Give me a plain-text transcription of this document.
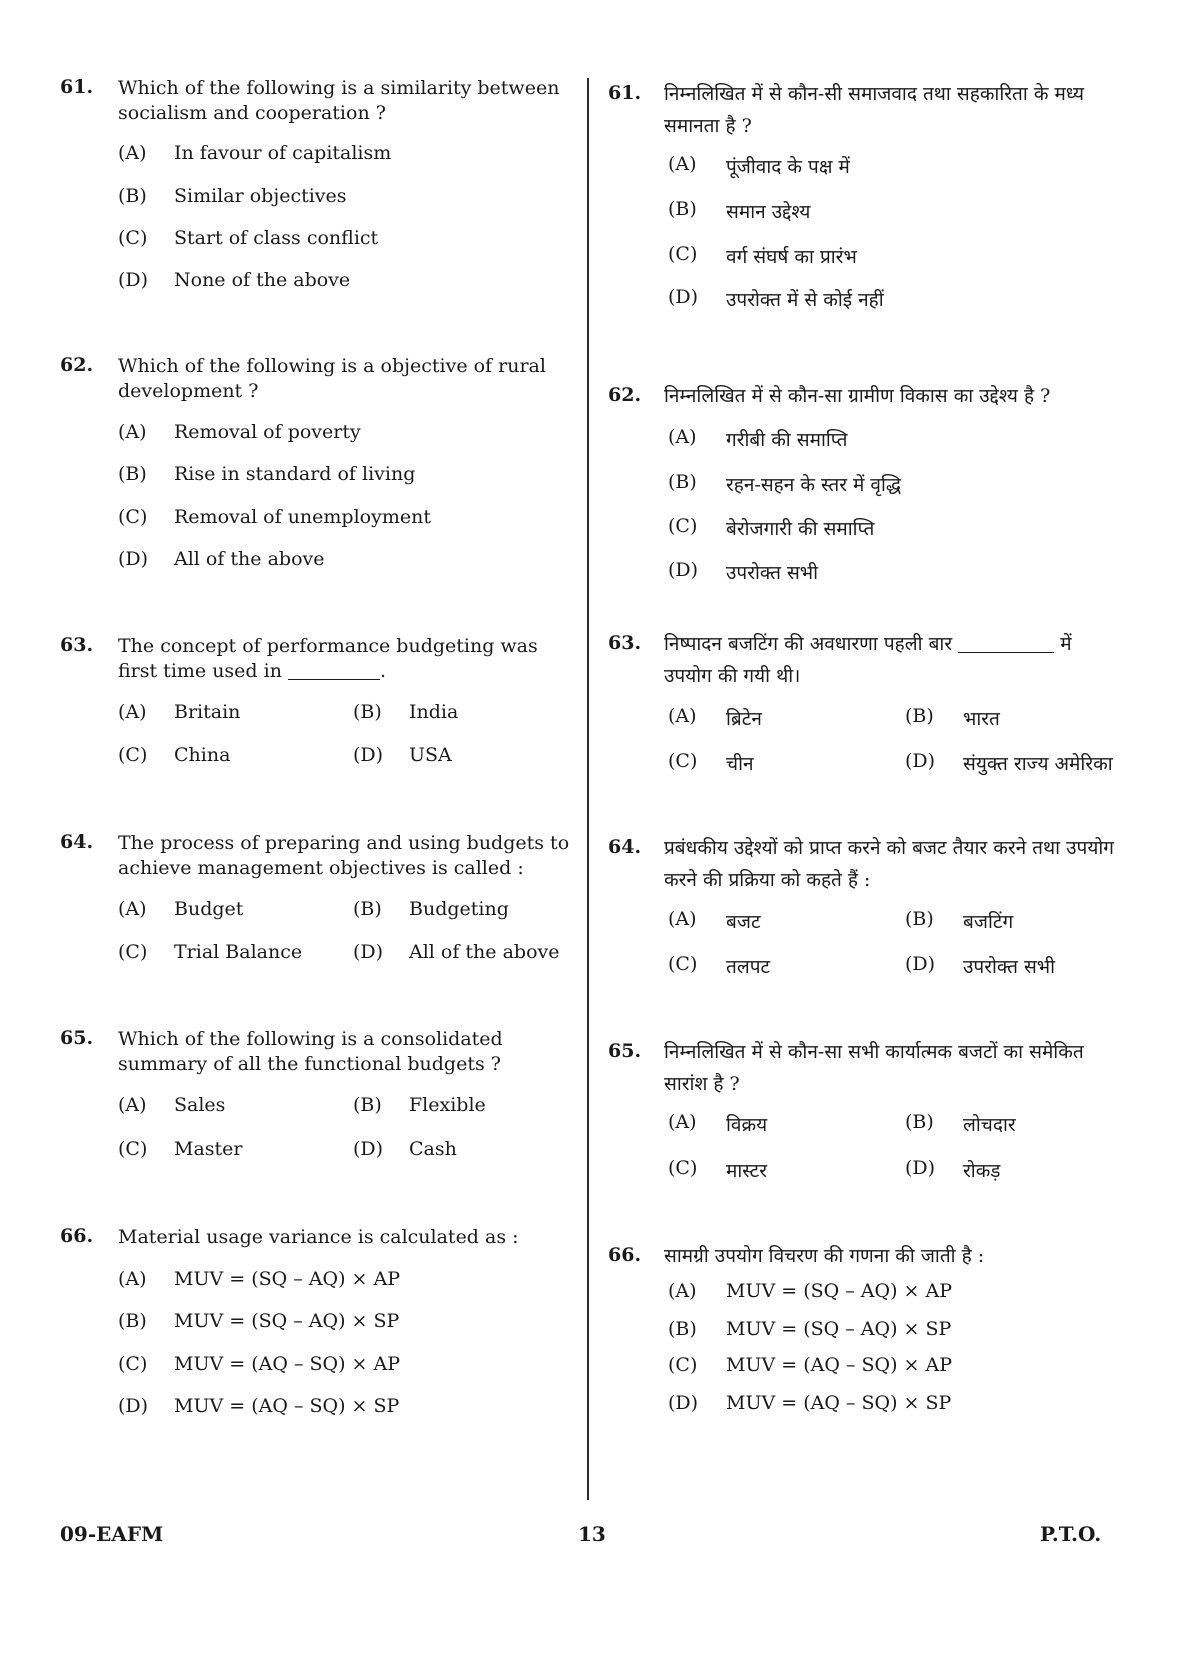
61. Which of the following is a similarity between socialism and cooperation ?
(A) In favour of capitalism
(B) Similar objectives
(C) Start of class conflict
(D) None of the above
62. Which of the following is a objective of rural development ?
(A) Removal of poverty
(B) Rise in standard of living
(C) Removal of unemployment
(D) All of the above
63. The concept of performance budgeting was first time used in	.
(A) Britain	(B) India
(C) China	(D) USA
64. The process of preparing and using budgets to achieve management objectives is called :
(A) Budget	(B) Budgeting
(C) Trial Balance	(D) All of the above
65. Which of the following is a consolidated summary of all the functional budgets ?
(A) Sales	(B) Flexible
(C) Master	(D) Cash
66. Material usage variance is calculated as :
(A) MUV = (SQ – AQ) × AP
(B) MUV = (SQ – AQ) × SP
(C) MUV = (AQ – SQ) × AP
(D) MUV = (AQ – SQ) × SP
61. निम्नलिखित में से कौन-सी समाजवाद तथा सहकारिता के मध्य समानता है ?
(A) पूंजीवाद के पक्ष में
(B) समान उद्देश्य
(C) वर्ग संघर्ष का प्रारंभ
(D) उपरोक्त में से कोई नहीं
62. निम्नलिखित में से कौन-सा ग्रामीण विकास का उद्देश्य है ?
(A) गरीबी की समाप्ति
(B) रहन-सहन के स्तर में वृद्धि
(C) बेरोजगारी की समाप्ति
(D) उपरोक्त सभी
63. निष्पादन बजटिंग की अवधारणा पहली बार	में उपयोग की गयी थी।
(A) ब्रिटेन	(B) भारत
(C) चीन	(D) संयुक्त राज्य अमेरिका
64. प्रबंधकीय उद्देश्यों को प्राप्त करने को बजट तैयार करने तथा उपयोग करने की प्रक्रिया को कहते हैं :
(A) बजट	(B) बजटिंग
(C) तलपट	(D) उपरोक्त सभी
65. निम्नलिखित में से कौन-सा सभी कार्यात्मक बजटों का समेकित सारांश है ?
(A) विक्रय	(B) लोचदार
(C) मास्टर	(D) रोकड़
66. सामग्री उपयोग विचरण की गणना की जाती है :
(A) MUV = (SQ – AQ) × AP
(B) MUV = (SQ – AQ) × SP
(C) MUV = (AQ – SQ) × AP
(D) MUV = (AQ – SQ) × SP
09-EAFM	13	P.T.O.
